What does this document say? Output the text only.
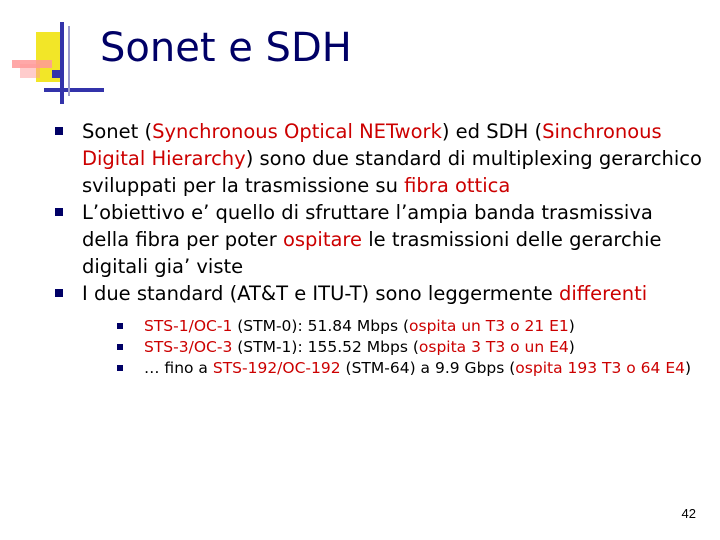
Sonet e SDH
Sonet (Synchronous Optical NETwork) ed SDH (Sinchronous Digital Hierarchy) sono due standard di multiplexing gerarchico sviluppati per la trasmissione su fibra ottica
L’obiettivo e’ quello di sfruttare l’ampia banda trasmissiva della fibra per poter ospitare le trasmissioni delle gerarchie digitali gia’ viste
I due standard (AT&T e ITU-T) sono leggermente differenti
STS-1/OC-1 (STM-0): 51.84 Mbps (ospita un T3 o 21 E1)
STS-3/OC-3 (STM-1): 155.52 Mbps (ospita 3 T3 o un E4)
… fino a STS-192/OC-192 (STM-64) a 9.9 Gbps (ospita 193 T3 o 64 E4)
42
